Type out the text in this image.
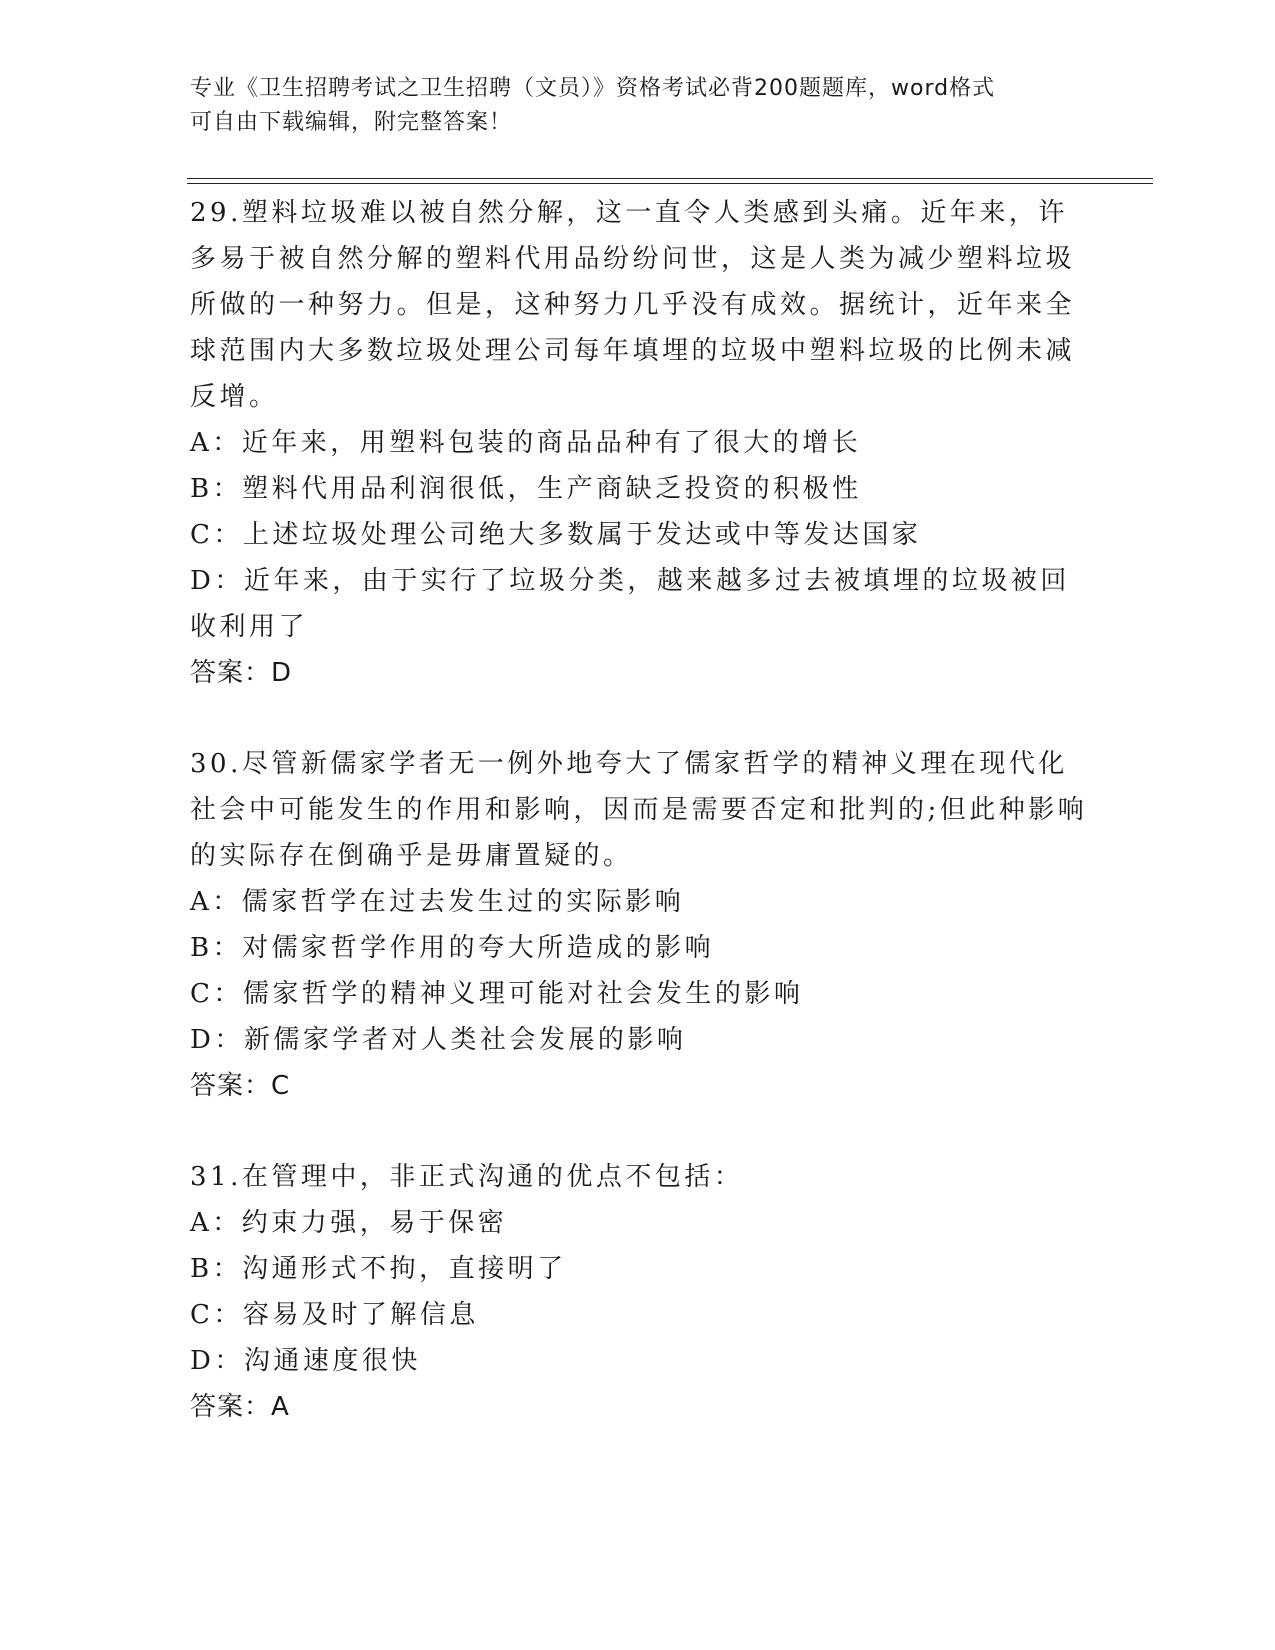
专业《卫生招聘考试之卫生招聘（文员）》资格考试必背200题题库，word格式
可自由下载编辑，附完整答案！

29.塑料垃圾难以被自然分解，这一直令人类感到头痛。近年来，许多易于被自然分解的塑料代用品纷纷问世，这是人类为减少塑料垃圾所做的一种努力。但是，这种努力几乎没有成效。据统计，近年来全球范围内大多数垃圾处理公司每年填埋的垃圾中塑料垃圾的比例未减反增。

A：近年来，用塑料包装的商品品种有了很大的增长

B：塑料代用品利润很低，生产商缺乏投资的积极性

C：上述垃圾处理公司绝大多数属于发达或中等发达国家

D：近年来，由于实行了垃圾分类，越来越多过去被填埋的垃圾被回收利用了

答案：D

30.尽管新儒家学者无一例外地夸大了儒家哲学的精神义理在现代化社会中可能发生的作用和影响，因而是需要否定和批判的;但此种影响的实际存在倒确乎是毋庸置疑的。

A：儒家哲学在过去发生过的实际影响

B：对儒家哲学作用的夸大所造成的影响

C：儒家哲学的精神义理可能对社会发生的影响

D：新儒家学者对人类社会发展的影响

答案：C

31.在管理中，非正式沟通的优点不包括：

A：约束力强，易于保密

B：沟通形式不拘，直接明了

C：容易及时了解信息

D：沟通速度很快

答案：A
